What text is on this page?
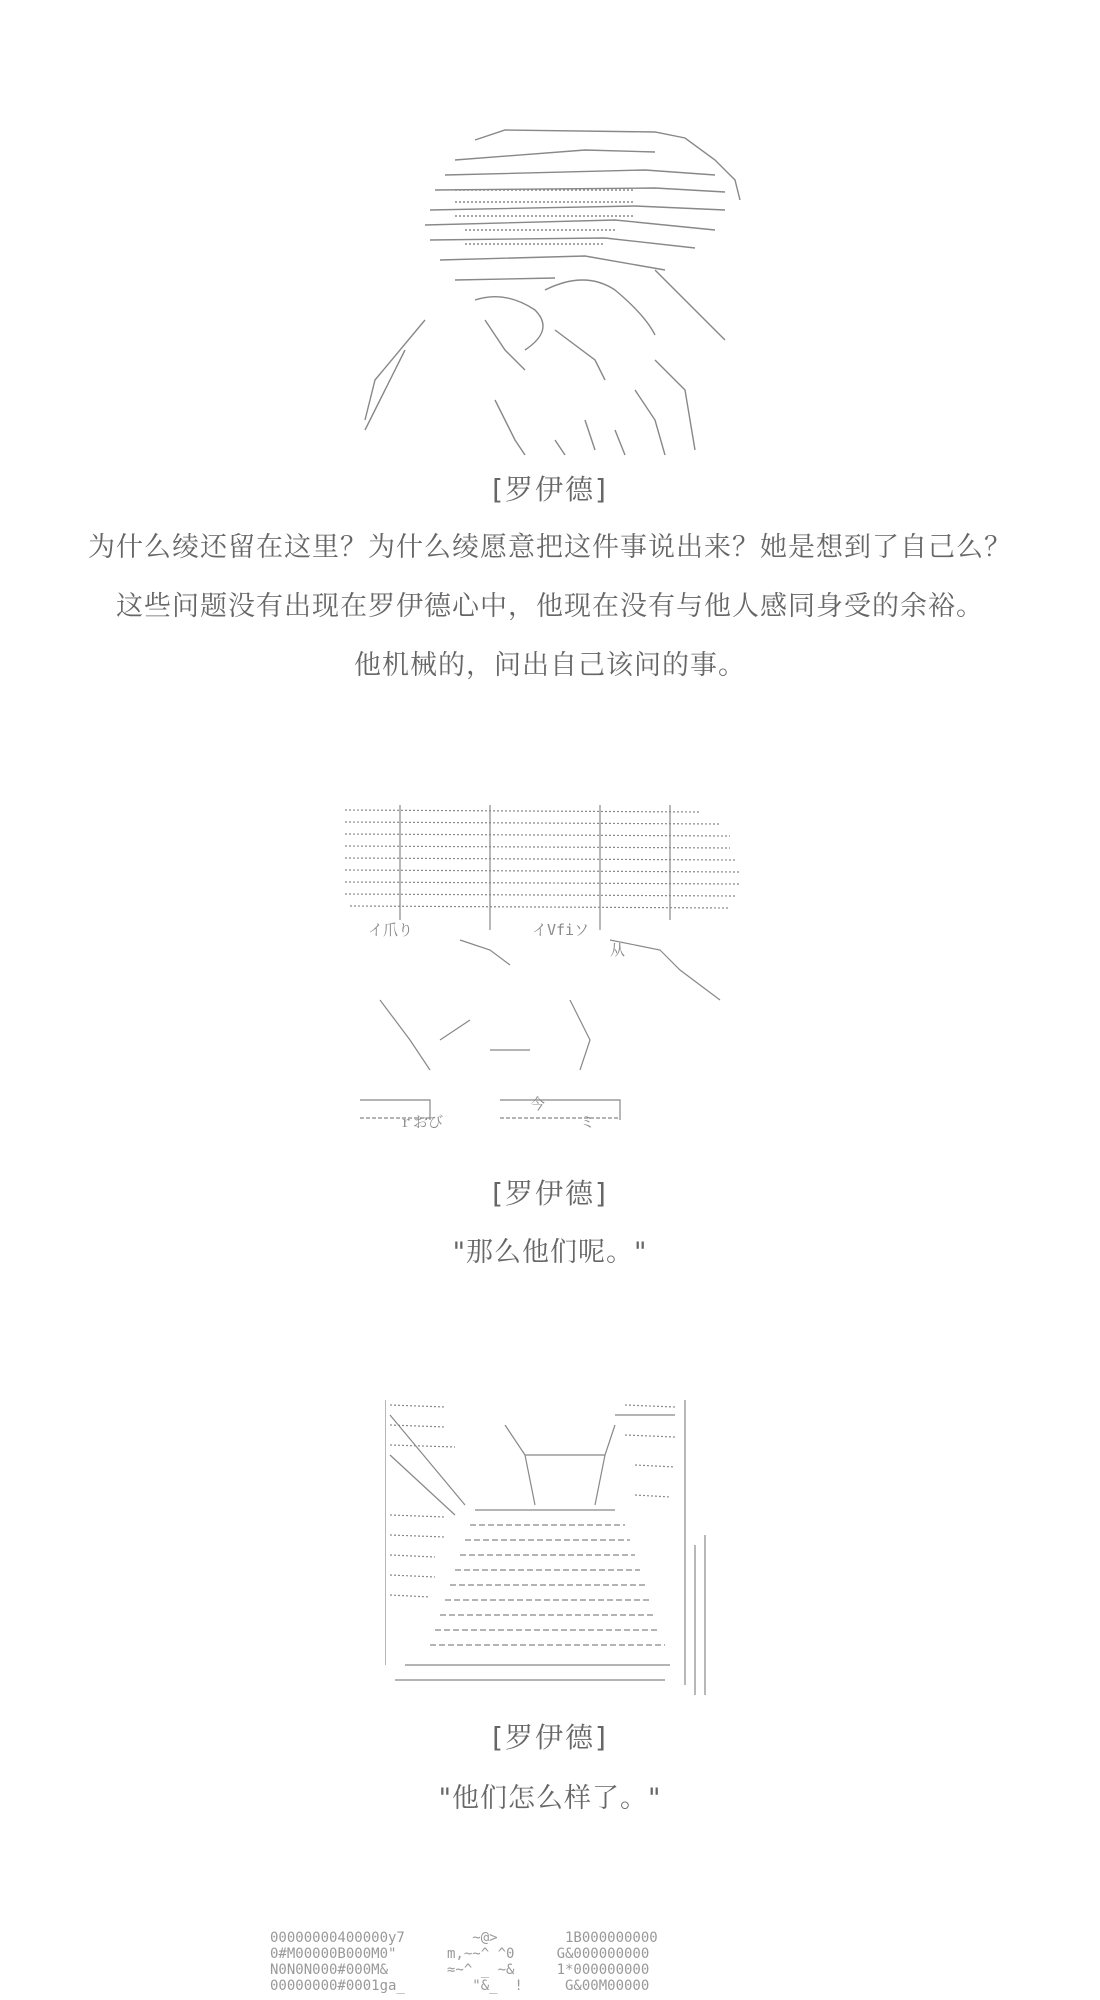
[罗伊德]
为什么绫还留在这里？为什么绫愿意把这件事说出来？她是想到了自己么？
这些问题没有出现在罗伊德心中，他现在没有与他人感同身受的余裕。
他机械的，问出自己该问的事。
イ爪り	イVfiソ
从
今
ｒおび	ミ
[罗伊德]
"那么他们呢。"
[罗伊德]
"他们怎么样了。"
00000000400000y7        ~@>        1B000000000
0#M00000B000M0"      m,~~^ ^0     G&000000000
N0N0N000#000M&       ≈~^ _ ~&     1*000000000
00000000#0001ga_        "&_  !     G&00M00000
